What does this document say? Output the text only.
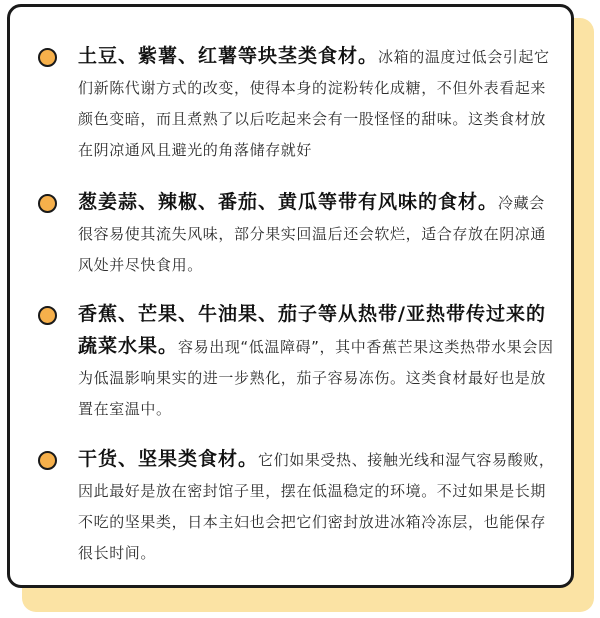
土豆、紫薯、红薯等块茎类食材。冰箱的温度过低会引起它们新陈代谢方式的改变，使得本身的淀粉转化成糖，不但外表看起来颜色变暗，而且煮熟了以后吃起来会有一股怪怪的甜味。这类食材放在阴凉通风且避光的角落储存就好
葱姜蒜、辣椒、番茄、黄瓜等带有风味的食材。冷藏会很容易使其流失风味，部分果实回温后还会软烂，适合存放在阴凉通风处并尽快食用。
香蕉、芒果、牛油果、茄子等从热带/亚热带传过来的蔬菜水果。容易出现“低温障碍”，其中香蕉芒果这类热带水果会因为低温影响果实的进一步熟化，茄子容易冻伤。这类食材最好也是放置在室温中。
干货、坚果类食材。它们如果受热、接触光线和湿气容易酸败，因此最好是放在密封馆子里，摆在低温稳定的环境。不过如果是长期不吃的坚果类，日本主妇也会把它们密封放进冰箱冷冻层，也能保存很长时间。
